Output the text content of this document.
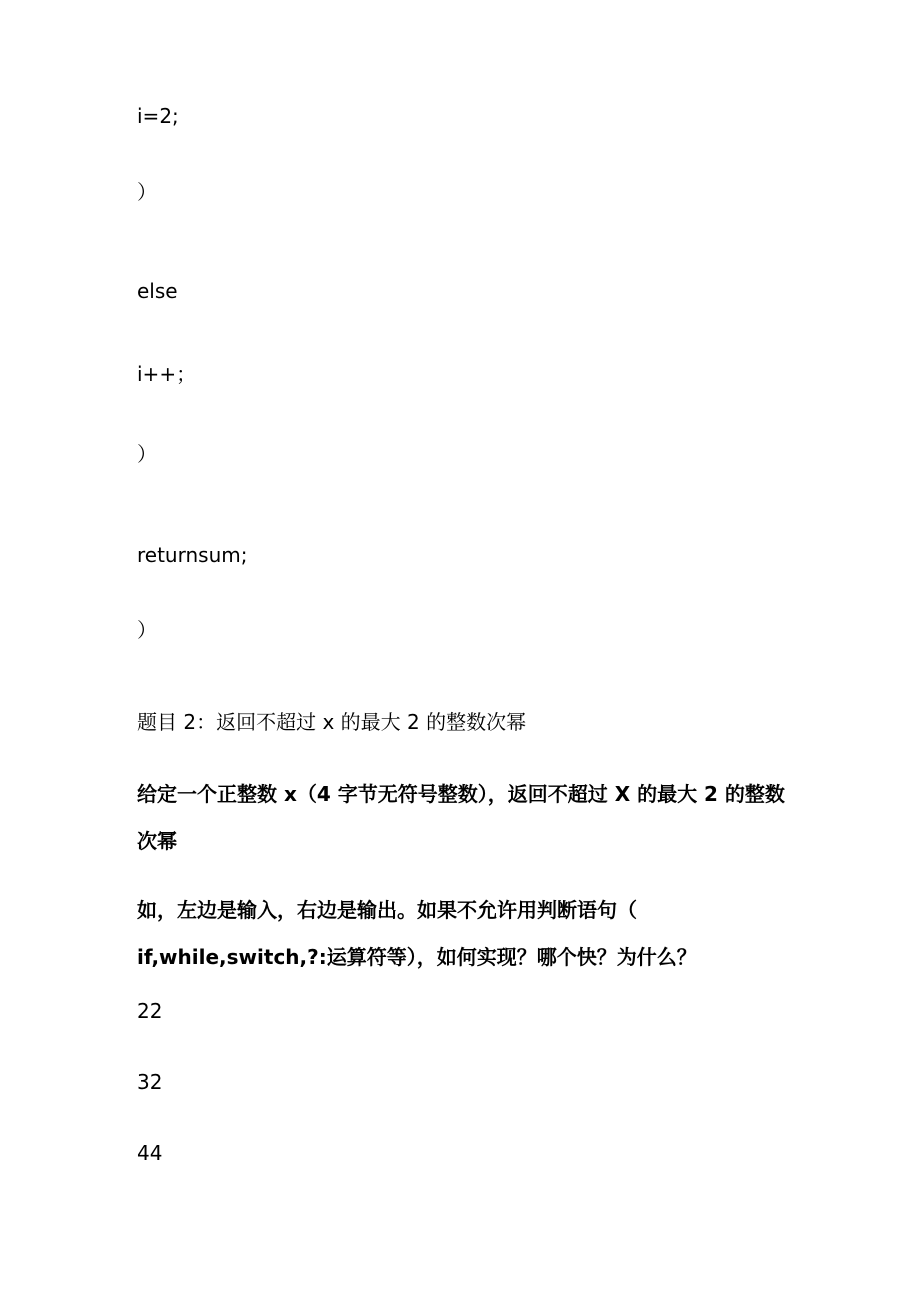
i=2;
）
else
i++；
）
returnsum;
）
题目 2：返回不超过 x 的最大 2 的整数次幂
给定一个正整数 x（4 字节无符号整数），返回不超过 X 的最大 2 的整数
次幂
如，左边是输入，右边是输出。如果不允许用判断语句（
if,while,switch,?:运算符等），如何实现？哪个快？为什么？
22
32
44
